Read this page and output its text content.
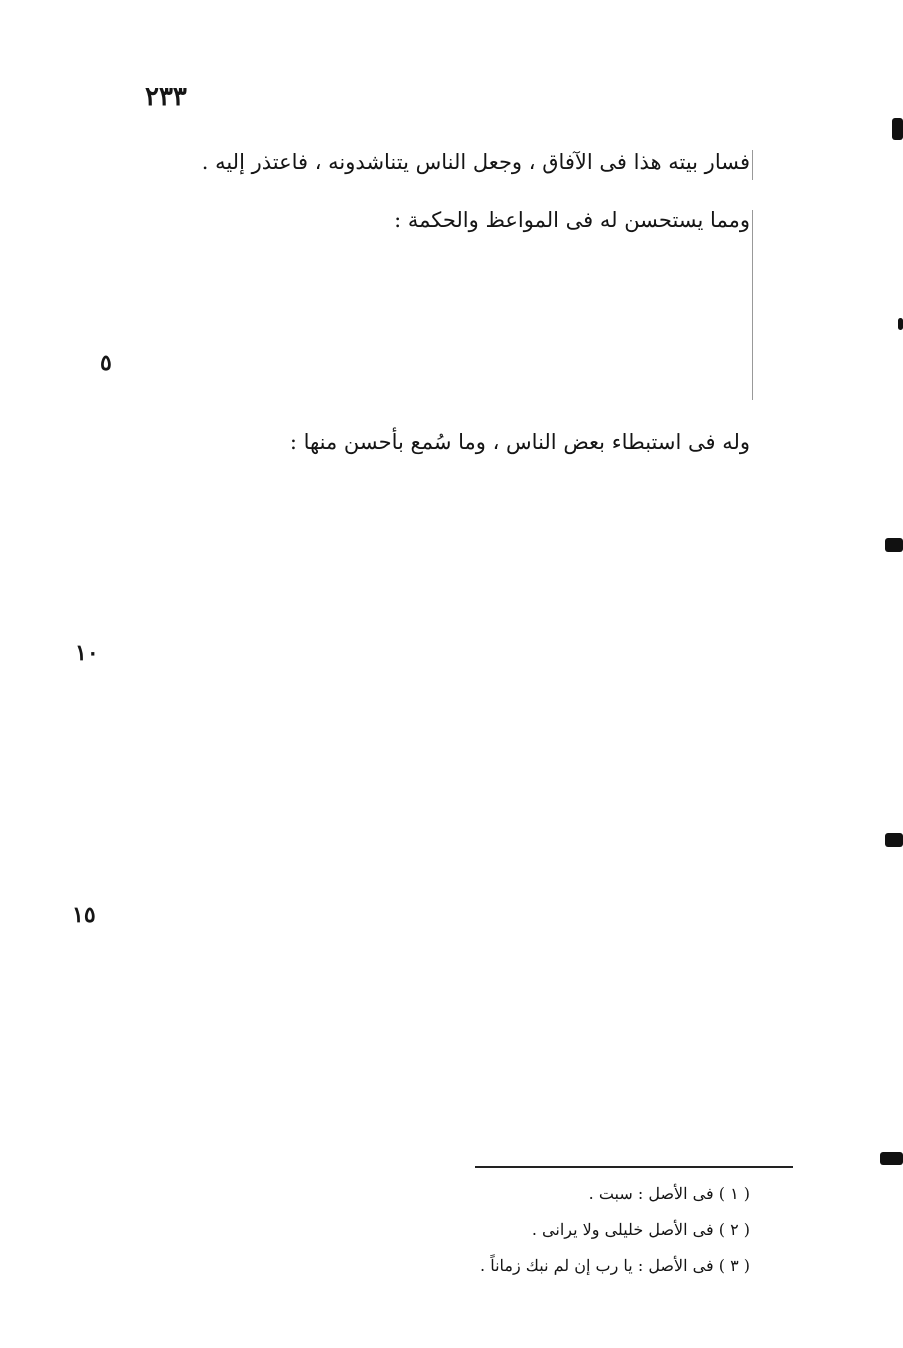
٢٣٣
٥
١٠
١٥
فسار بيته هذا فى الآفاق ، وجعل الناس يتناشدونه ، فاعتذر إليه .
ومما يستحسن له فى المواعظ والحكمة :
وله فى استبطاء بعض الناس ، وما سُمع بأحسن منها :
( ١ ) فى الأصل : سبت .
( ٢ ) فى الأصل خليلى ولا يرانى .
( ٣ ) فى الأصل : يا رب إن لم نبك زماناً .
